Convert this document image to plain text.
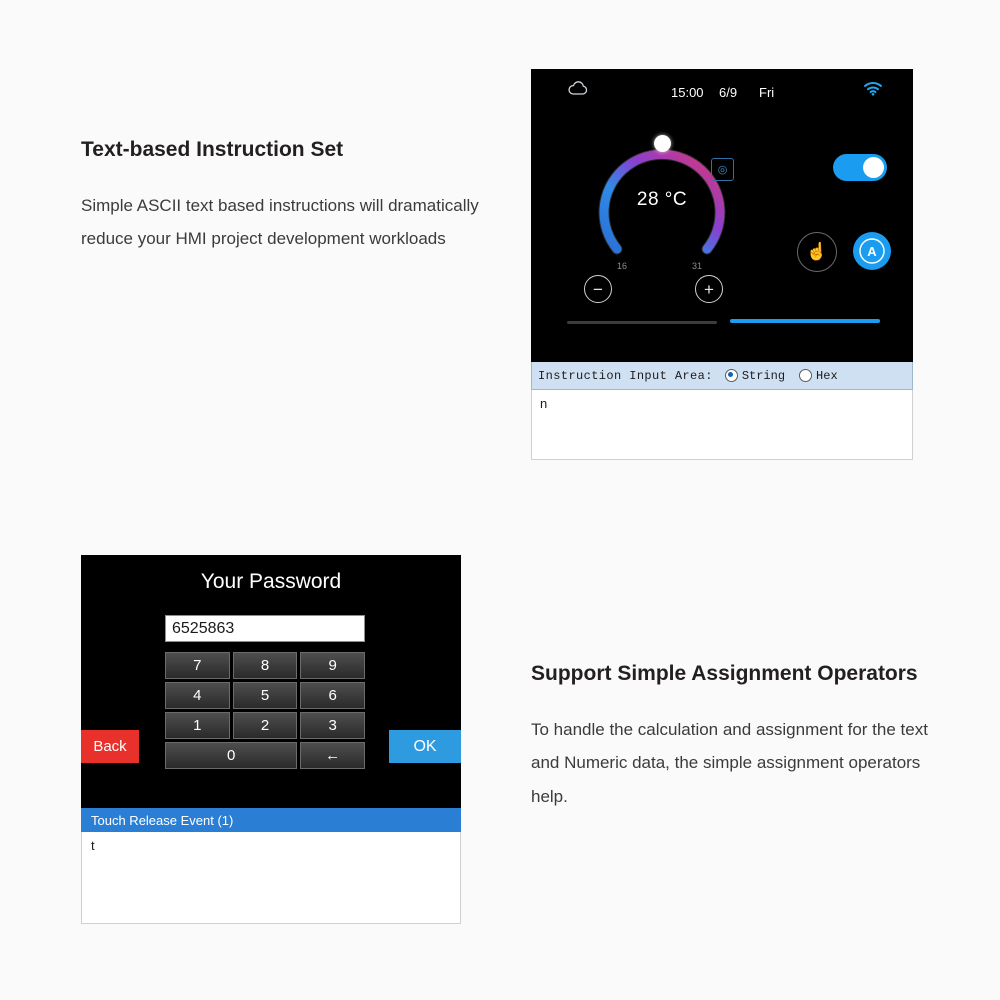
Text-based Instruction Set

Simple ASCII text based instructions will dramatically reduce your HMI project development workloads

15:00 6/9 Fri
28 °C
16	31
◎
☝	A
−	+
Instruction Input Area: String	Hex
n
Your Password
6525863
7	8	9
4	5	6
1	2	3
0	←
Back	OK
Touch Release Event (1)
t
Support Simple Assignment Operators

To handle the calculation and assignment for the text and Numeric data, the simple assignment operators help.
